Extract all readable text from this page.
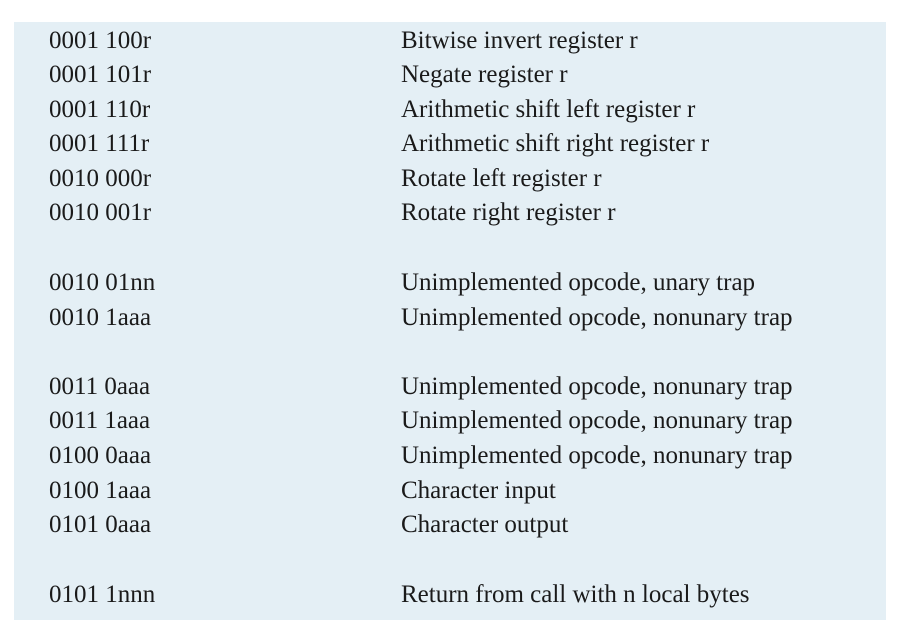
0001 100r	Bitwise invert register r
0001 101r	Negate register r
0001 110r	Arithmetic shift left register r
0001 111r	Arithmetic shift right register r
0010 000r	Rotate left register r
0010 001r	Rotate right register r
0010 01nn	Unimplemented opcode, unary trap
0010 1aaa	Unimplemented opcode, nonunary trap
0011 0aaa	Unimplemented opcode, nonunary trap
0011 1aaa	Unimplemented opcode, nonunary trap
0100 0aaa	Unimplemented opcode, nonunary trap
0100 1aaa	Character input
0101 0aaa	Character output
0101 1nnn	Return from call with n local bytes
